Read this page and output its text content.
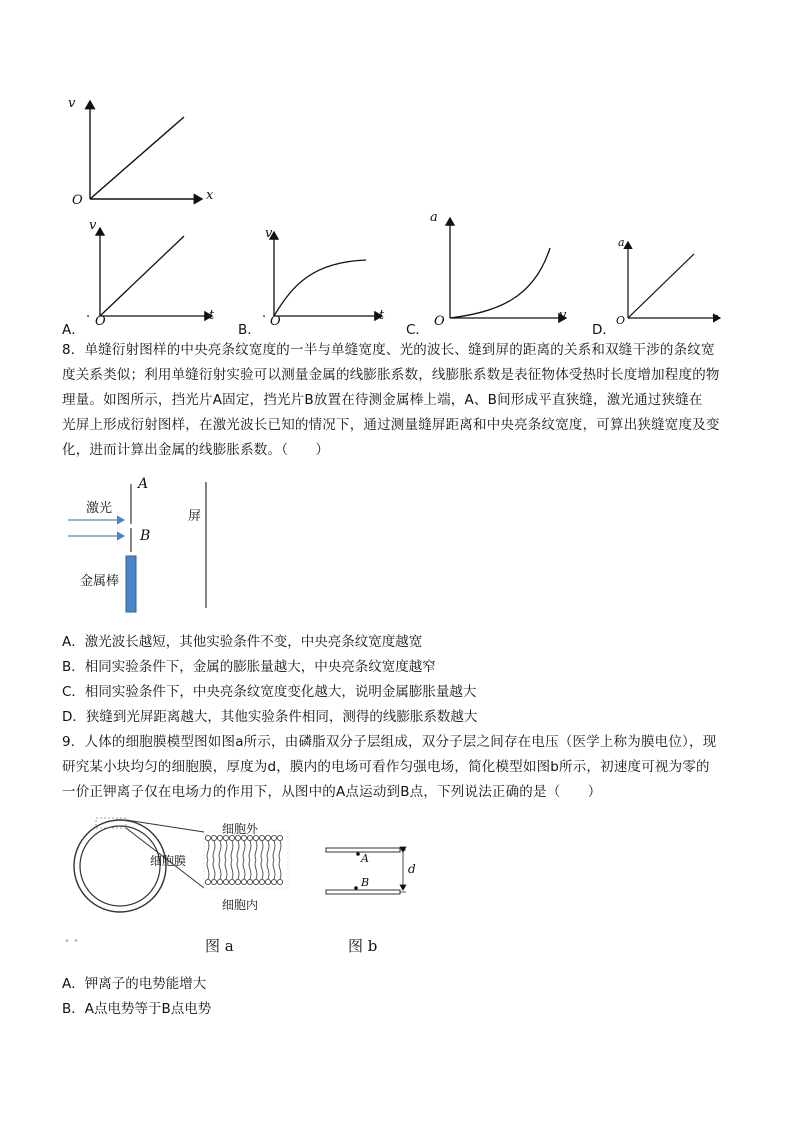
v
x
O
A．
·
v
t
O
B．
·
v
t
O
C．
a
v
O
D．
a
v
O
8．单缝衍射图样的中央亮条纹宽度的一半与单缝宽度、光的波长、缝到屏的距离的关系和双缝干涉的条纹宽
度关系类似；利用单缝衍射实验可以测量金属的线膨胀系数，线膨胀系数是表征物体受热时长度增加程度的物
理量。如图所示，挡光片A固定，挡光片B放置在待测金属棒上端，A、B间形成平直狭缝，激光通过狭缝在
光屏上形成衍射图样，在激光波长已知的情况下，通过测量缝屏距离和中央亮条纹宽度，可算出狭缝宽度及变
化，进而计算出金属的线膨胀系数。（　　）
激光
A
B
屏
金属棒
A．激光波长越短，其他实验条件不变，中央亮条纹宽度越宽
B．相同实验条件下，金属的膨胀量越大，中央亮条纹宽度越窄
C．相同实验条件下，中央亮条纹宽度变化越大，说明金属膨胀量越大
D．狭缝到光屏距离越大，其他实验条件相同，测得的线膨胀系数越大
9．人体的细胞膜模型图如图a所示，由磷脂双分子层组成，双分子层之间存在电压（医学上称为膜电位），现
研究某小块均匀的细胞膜，厚度为d，膜内的电场可看作匀强电场，简化模型如图b所示，初速度可视为零的
一价正钾离子仅在电场力的作用下，从图中的A点运动到B点，下列说法正确的是（　　）
细胞外
细胞膜
细胞内
图 a
• •
A
B
d
图 b
A．钾离子的电势能增大
B．A点电势等于B点电势
